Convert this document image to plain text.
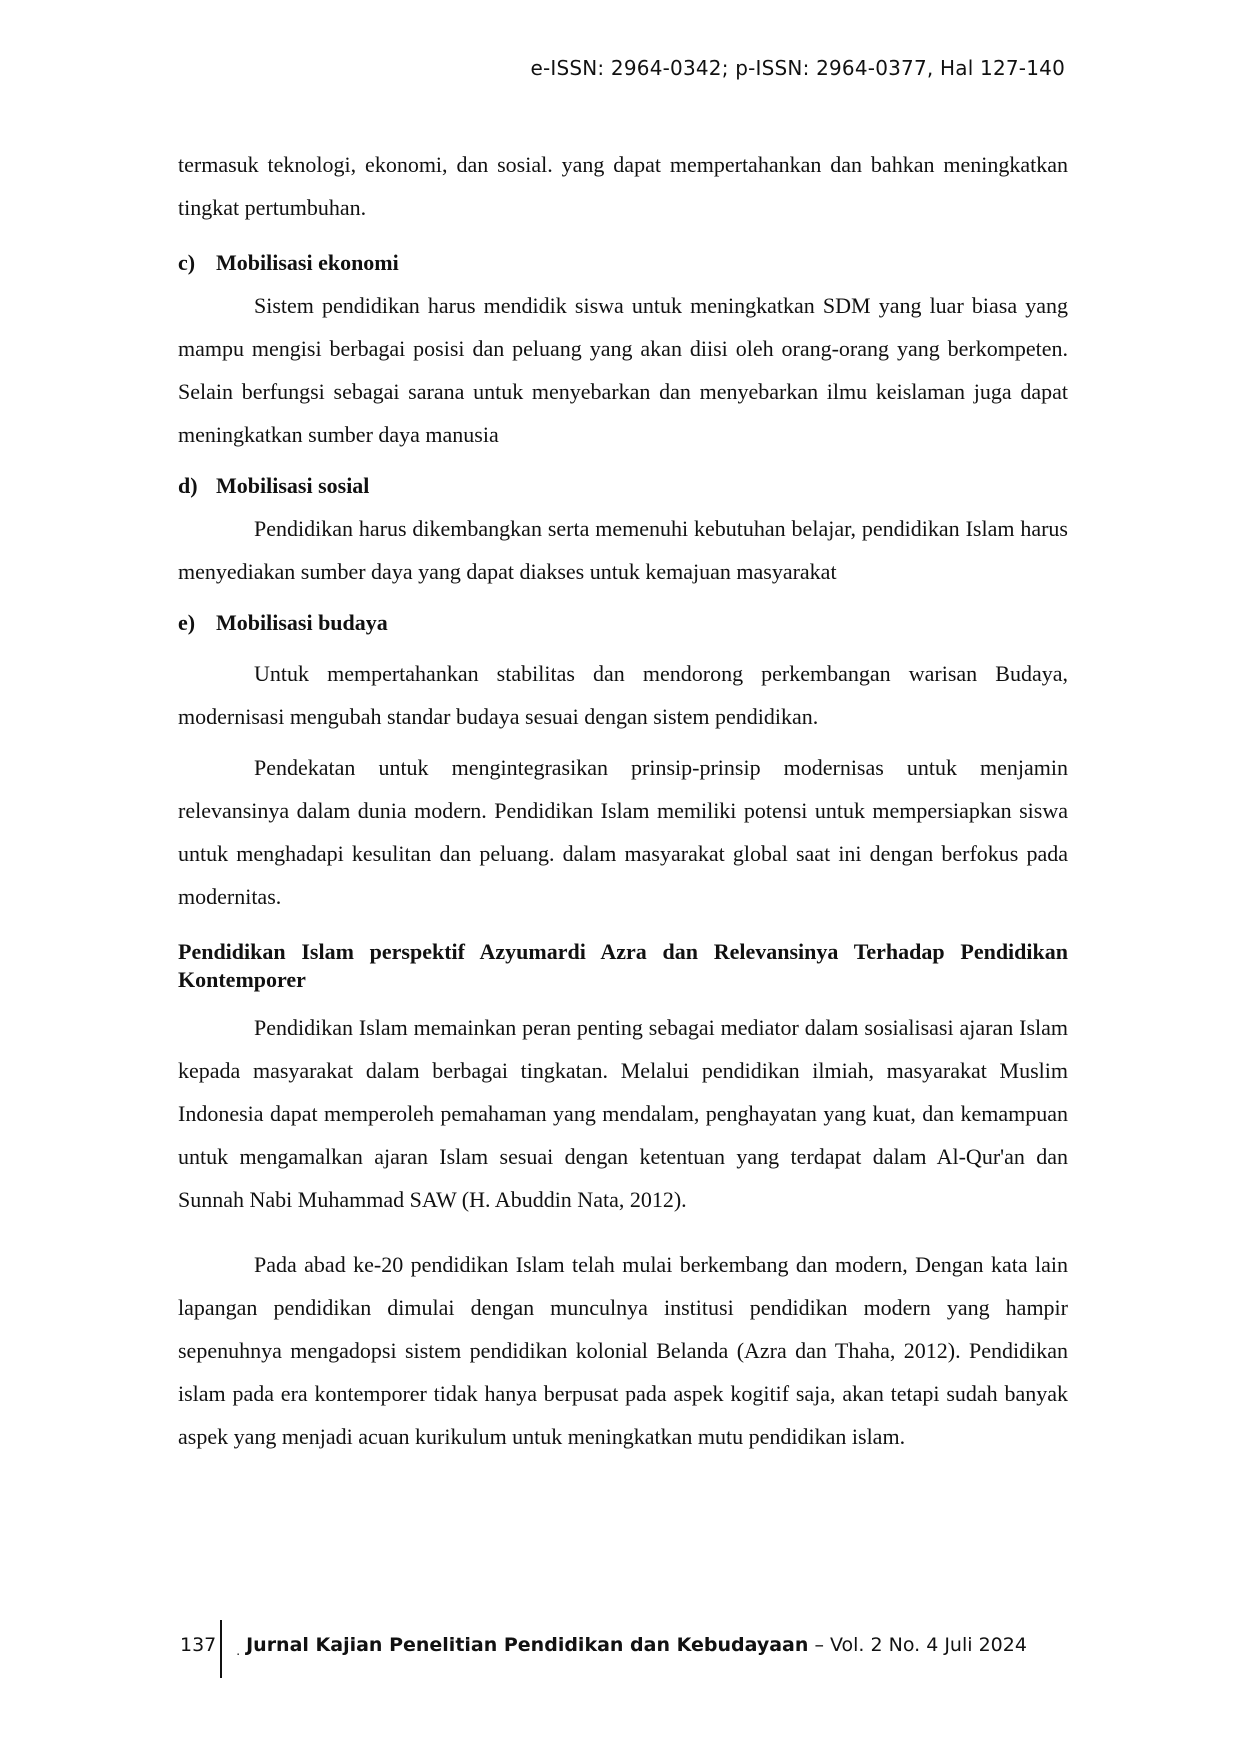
e-ISSN: 2964-0342; p-ISSN: 2964-0377, Hal 127-140

termasuk teknologi, ekonomi, dan sosial. yang dapat mempertahankan dan bahkan meningkatkan tingkat pertumbuhan.

c) Mobilisasi ekonomi

Sistem pendidikan harus mendidik siswa untuk meningkatkan SDM yang luar biasa yang mampu mengisi berbagai posisi dan peluang yang akan diisi oleh orang-orang yang berkompeten. Selain berfungsi sebagai sarana untuk menyebarkan dan menyebarkan ilmu keislaman juga dapat meningkatkan sumber daya manusia

d) Mobilisasi sosial

Pendidikan harus dikembangkan serta memenuhi kebutuhan belajar, pendidikan Islam harus menyediakan sumber daya yang dapat diakses untuk kemajuan masyarakat

e) Mobilisasi budaya

Untuk mempertahankan stabilitas dan mendorong perkembangan warisan Budaya, modernisasi mengubah standar budaya sesuai dengan sistem pendidikan.

Pendekatan untuk mengintegrasikan prinsip-prinsip modernisas untuk menjamin relevansinya dalam dunia modern. Pendidikan Islam memiliki potensi untuk mempersiapkan siswa untuk menghadapi kesulitan dan peluang. dalam masyarakat global saat ini dengan berfokus pada modernitas.

Pendidikan Islam perspektif Azyumardi Azra dan Relevansinya Terhadap Pendidikan Kontemporer

Pendidikan Islam memainkan peran penting sebagai mediator dalam sosialisasi ajaran Islam kepada masyarakat dalam berbagai tingkatan. Melalui pendidikan ilmiah, masyarakat Muslim Indonesia dapat memperoleh pemahaman yang mendalam, penghayatan yang kuat, dan kemampuan untuk mengamalkan ajaran Islam sesuai dengan ketentuan yang terdapat dalam Al-Qur'an dan Sunnah Nabi Muhammad SAW (H. Abuddin Nata, 2012).

Pada abad ke-20 pendidikan Islam telah mulai berkembang dan modern, Dengan kata lain lapangan pendidikan dimulai dengan munculnya institusi pendidikan modern yang hampir sepenuhnya mengadopsi sistem pendidikan kolonial Belanda (Azra dan Thaha, 2012). Pendidikan islam pada era kontemporer tidak hanya berpusat pada aspek kogitif saja, akan tetapi sudah banyak aspek yang menjadi acuan kurikulum untuk meningkatkan mutu pendidikan islam.

137	. Jurnal Kajian Penelitian Pendidikan dan Kebudayaan – Vol. 2 No. 4 Juli 2024
